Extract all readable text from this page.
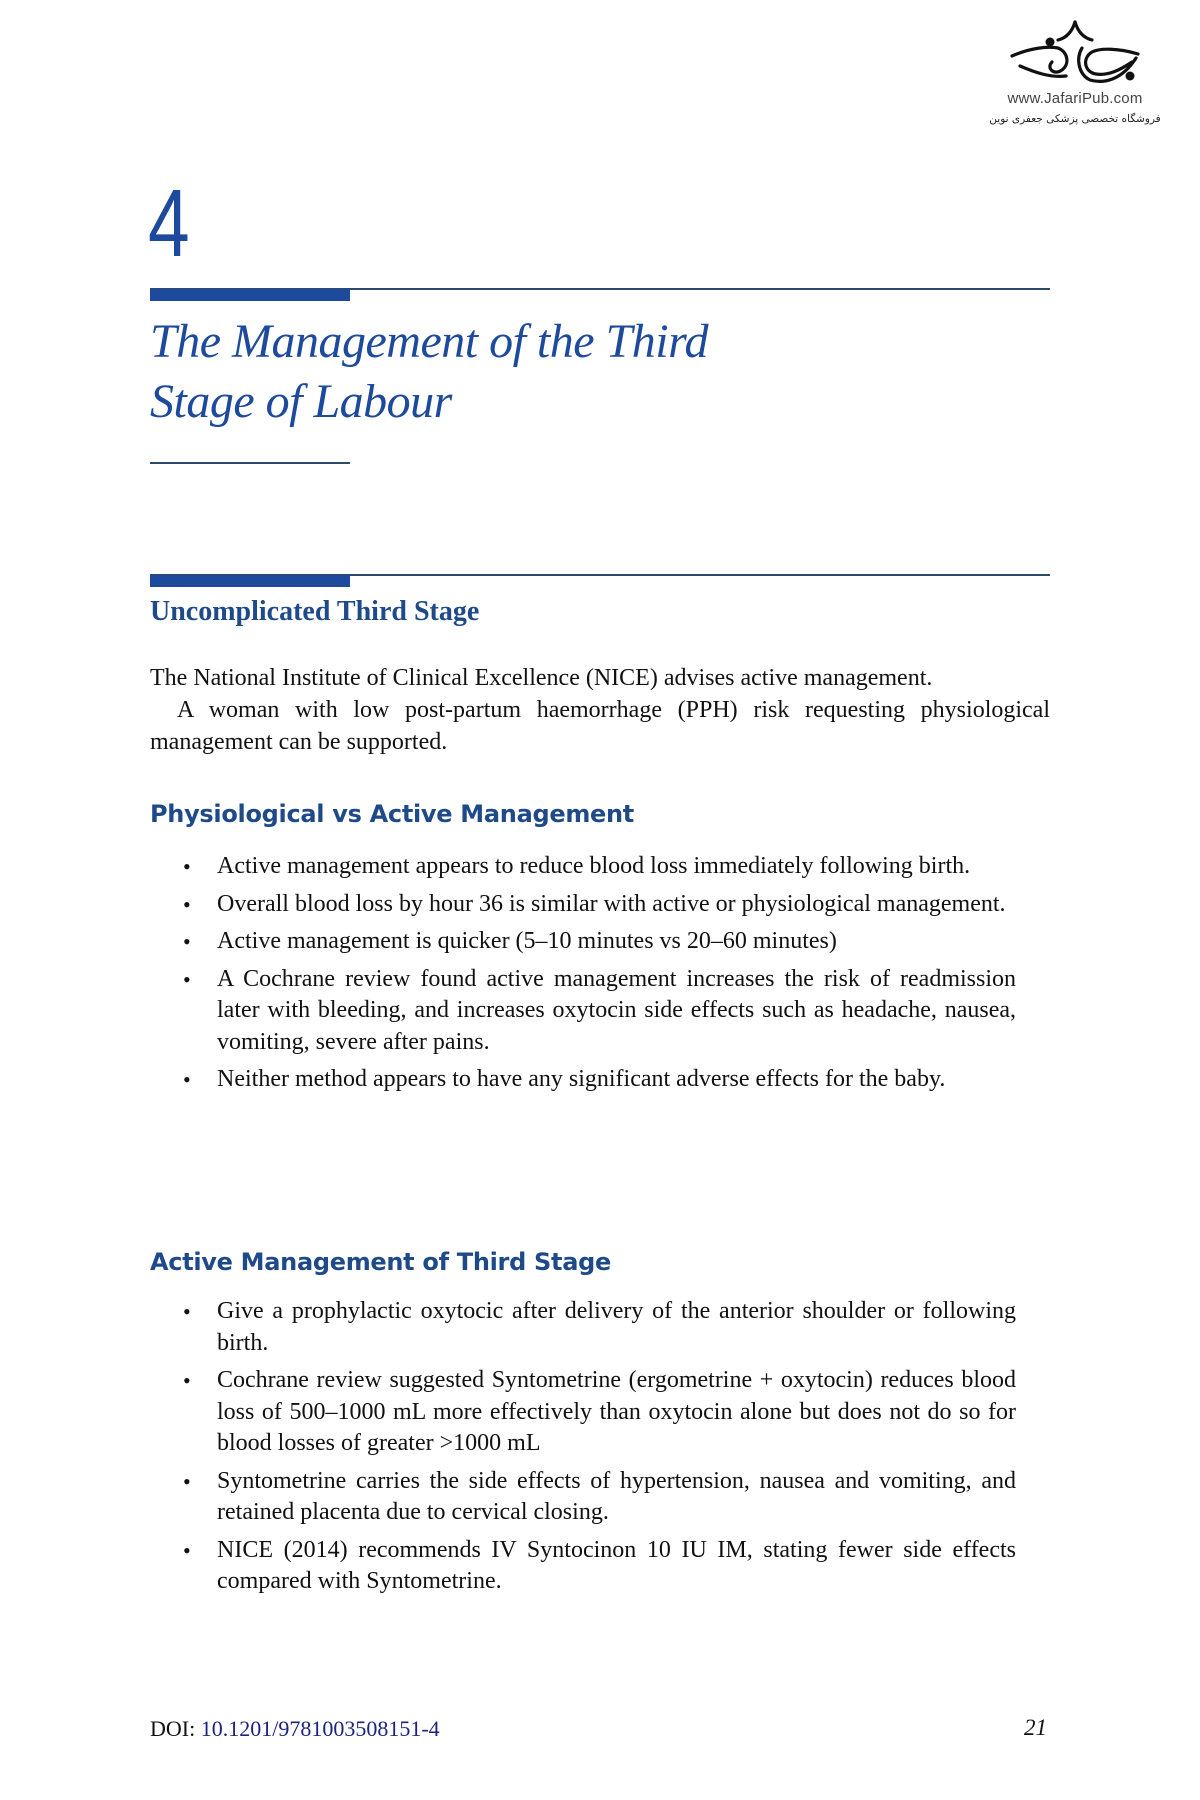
www.JafariPub.com
فروشگاه تخصصی پزشکی جعفری نوین
4
The Management of the Third
Stage of Labour
Uncomplicated Third Stage

The National Institute of Clinical Excellence (NICE) advises active management.

A woman with low post-partum haemorrhage (PPH) risk requesting physiological management can be supported.

Physiological vs Active Management
• Active management appears to reduce blood loss immediately following birth.
• Overall blood loss by hour 36 is similar with active or physiological management.
• Active management is quicker (5–10 minutes vs 20–60 minutes)
• A Cochrane review found active management increases the risk of readmission later with bleeding, and increases oxytocin side effects such as headache, nausea, vomiting, severe after pains.
• Neither method appears to have any significant adverse effects for the baby.
Active Management of Third Stage
• Give a prophylactic oxytocic after delivery of the anterior shoulder or following birth.
• Cochrane review suggested Syntometrine (ergometrine + oxytocin) reduces blood loss of 500–1000 mL more effectively than oxytocin alone but does not do so for blood losses of greater >1000 mL
• Syntometrine carries the side effects of hypertension, nausea and vomiting, and retained placenta due to cervical closing.
• NICE (2014) recommends IV Syntocinon 10 IU IM, stating fewer side effects compared with Syntometrine.
DOI: 10.1201/9781003508151-4	21
